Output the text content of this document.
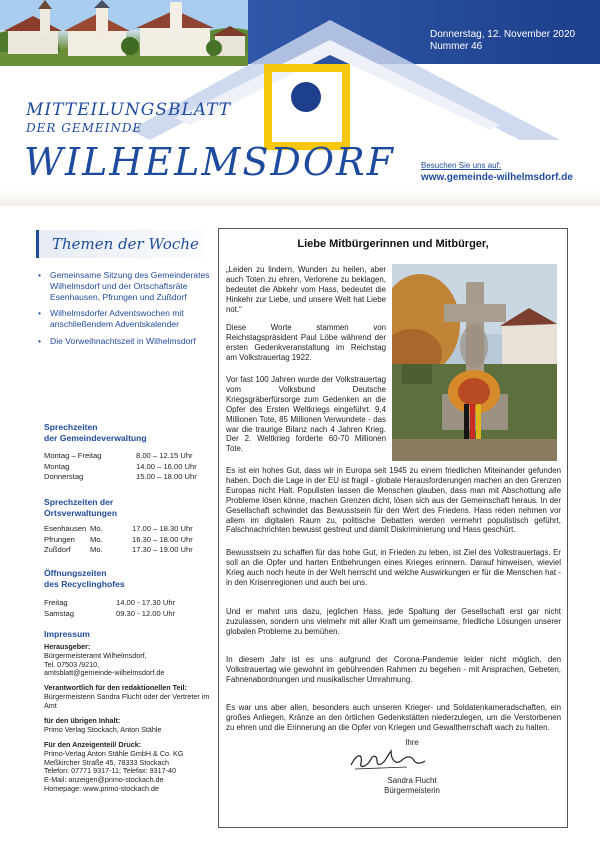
Donnerstag, 12. November 2020
Nummer 46
MITTEILUNGSBLATT
DER GEMEINDE
WILHELMSDORF	Besuchen Sie uns auf:
www.gemeinde-wilhelmsdorf.de
Themen der Woche
• Gemeinsame Sitzung des Gemeinderates Wilhelmsdorf und der Ortschaftsräte Esenhausen, Pfrungen und Zußdorf
• Wilhelmsdorfer Adventswochen mit anschließendem Adventskalender
• Die Vorweihnachtszeit in Wilhelmsdorf
Sprechzeiten
der Gemeindeverwaltung
Montag – Freitag	8.00 – 12.15 Uhr
Montag	14.00 – 16.00 Uhr
Donnerstag	15.00 – 18.00 Uhr
Sprechzeiten der
Ortsverwaltungen
Esenhausen Mo.	17.00 – 18.30 Uhr
Pfrungen	Mo.	16.30 – 18.00 Uhr
Zußdorf	Mo.	17.30 – 19.00 Uhr
Öffnungszeiten
des Recyclinghofes
Freitag	14.00 - 17.30 Uhr
Samstag	09.30 - 12.00 Uhr
Impressum
Herausgeber:
Bürgermeisteramt Wilhelmsdorf,
Tel. 07503 /9210,
amtsblatt@gemeinde-wilhelmsdorf.de
Verantwortlich für den redaktionellen Teil:
Bürgermeisterin Sandra Flucht oder der Vertreter im Amt
für den übrigen Inhalt:
Primo Verlag Stockach, Anton Stähle
Für den Anzeigenteil/ Druck:
Primo-Verlag Anton Stähle GmbH & Co. KG
Meßkircher Straße 45, 78333 Stockach
Telefon: 07771 9317-11; Telefax: 9317-40
E-Mail: anzeigen@primo-stockach.de
Homepage: www.primo-stockach.de
Liebe Mitbürgerinnen und Mitbürger,
„Leiden zu lindern, Wunden zu heilen, aber auch Toten zu ehren, Verlorene zu beklagen, bedeutet die Abkehr vom Hass, bedeutet die Hinkehr zur Liebe, und unsere Welt hat Liebe not.“
Diese Worte stammen von Reichstagspräsident Paul Löbe während der ersten Gedenkveranstaltung im Reichstag am Volkstrauertag 1922.
Vor fast 100 Jahren wurde der Volkstrauertag vom Volksbund Deutsche Kriegsgräberfürsorge zum Gedenken an die Opfer des Ersten Weltkriegs eingeführt. 9,4 Millionen Tote, 85 Millionen Verwundete - das war die traurige Bilanz nach 4 Jahren Krieg. Der 2. Weltkrieg forderte 60-70 Millionen Tote.
Es ist ein hohes Gut, dass wir in Europa seit 1945 zu einem friedlichen Miteinander gefunden haben. Doch die Lage in der EU ist fragil - globale Herausforderungen machen an den Grenzen Europas nicht Halt. Populisten lassen die Menschen glauben, dass man mit Abschottung alle Probleme lösen könne, machen Grenzen dicht, lösen sich aus der Gemeinschaft heraus. In der Gesellschaft schwindet das Bewusstsein für den Wert des Friedens. Hass reden nehmen vor allem im digitalen Raum zu, politische Debatten werden vermehrt populistisch geführt, Falschnachrichten bewusst gestreut und damit Diskriminierung und Hass geschürt.
Bewusstsein zu schaffen für das hohe Gut, in Frieden zu leben, ist Ziel des Volkstrauertags. Er soll an die Opfer und harten Entbehrungen eines Krieges erinnern. Darauf hinweisen, wieviel Krieg auch noch heute in der Welt herrscht und welche Auswirkungen er für die Menschen hat - in den Krisenregionen und auch bei uns.
Und er mahnt uns dazu, jeglichen Hass, jede Spaltung der Gesellschaft erst gar nicht zuzulassen, sondern uns vielmehr mit aller Kraft um gemeinsame, friedliche Lösungen unserer globalen Probleme zu bemühen.
In diesem Jahr ist es uns aufgrund der Corona-Pandemie leider nicht möglich, den Volkstrauertag wie gewohnt im gebührenden Rahmen zu begehen - mit Ansprachen, Gebeten, Fahnenabordnungen und musikalischer Umrahmung.
Es war uns aber allen, besonders auch unseren Krieger- und Soldatenkameradschaften, ein großes Anliegen, Kränze an den örtlichen Gedenkstätten niederzulegen, um die Verstorbenen zu ehren und die Erinnerung an die Opfer von Kriegen und Gewaltherrschaft wach zu halten.
Ihre
Sandra Flucht
Bürgermeisterin
